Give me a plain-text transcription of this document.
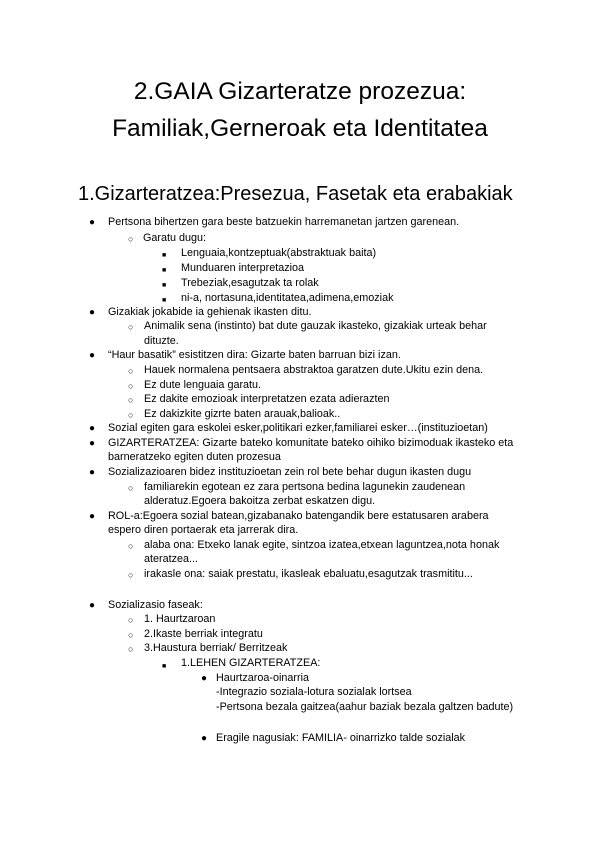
2.GAIA Gizarteratze prozezua:
Familiak,Gerneroak eta Identitatea
1.Gizarteratzea:Presezua, Fasetak eta erabakiak
●
○
■
■
■
■
●
○
●
○
○
○
○
●
●
●
○
●
○
○
●
○
○
○
■
●
●
Pertsona bihertzen gara beste batzuekin harremanetan jartzen garenean.
Garatu dugu:
Lenguaia,kontzeptuak(abstraktuak baita)
Munduaren interpretazioa
Trebeziak,esagutzak ta rolak
ni-a, nortasuna,identitatea,adimena,emoziak
Gizakiak jokabide ia gehienak ikasten ditu.
Animalik sena (instinto) bat dute gauzak ikasteko, gizakiak urteak behar
dituzte.
“Haur basatik” esistitzen dira: Gizarte baten barruan bizi izan.
Hauek normalena pentsaera abstraktoa garatzen dute.Ukitu ezin dena.
Ez dute lenguaia garatu.
Ez dakite emozioak interpretatzen ezata adierazten
Ez dakizkite gizrte baten arauak,balioak..
Sozial egiten gara eskolei esker,politikari ezker,familiarei esker…(instituzioetan)
GIZARTERATZEA: Gizarte bateko komunitate bateko oihiko bizimoduak ikasteko eta
barneratzeko egiten duten prozesua
Sozializazioaren bidez instituzioetan zein rol bete behar dugun ikasten dugu
familiarekin egotean ez zara pertsona bedina lagunekin zaudenean
alderatuz.Egoera bakoitza zerbat eskatzen digu.
ROL-a:Egoera sozial batean,gizabanako batengandik bere estatusaren arabera
espero diren portaerak eta jarrerak dira.
alaba ona: Etxeko lanak egite, sintzoa izatea,etxean laguntzea,nota honak
ateratzea...
irakasle ona: saiak prestatu, ikasleak ebaluatu,esagutzak trasmititu...
Sozializasio faseak:
1. Haurtzaroan
2.Ikaste berriak integratu
3.Haustura berriak/ Berritzeak
1.LEHEN GIZARTERATZEA:
Haurtzaroa-oinarria
-Integrazio soziala-lotura sozialak lortsea
-Pertsona bezala gaitzea(aahur baziak bezala galtzen badute)
Eragile nagusiak: FAMILIA- oinarrizko talde sozialak
